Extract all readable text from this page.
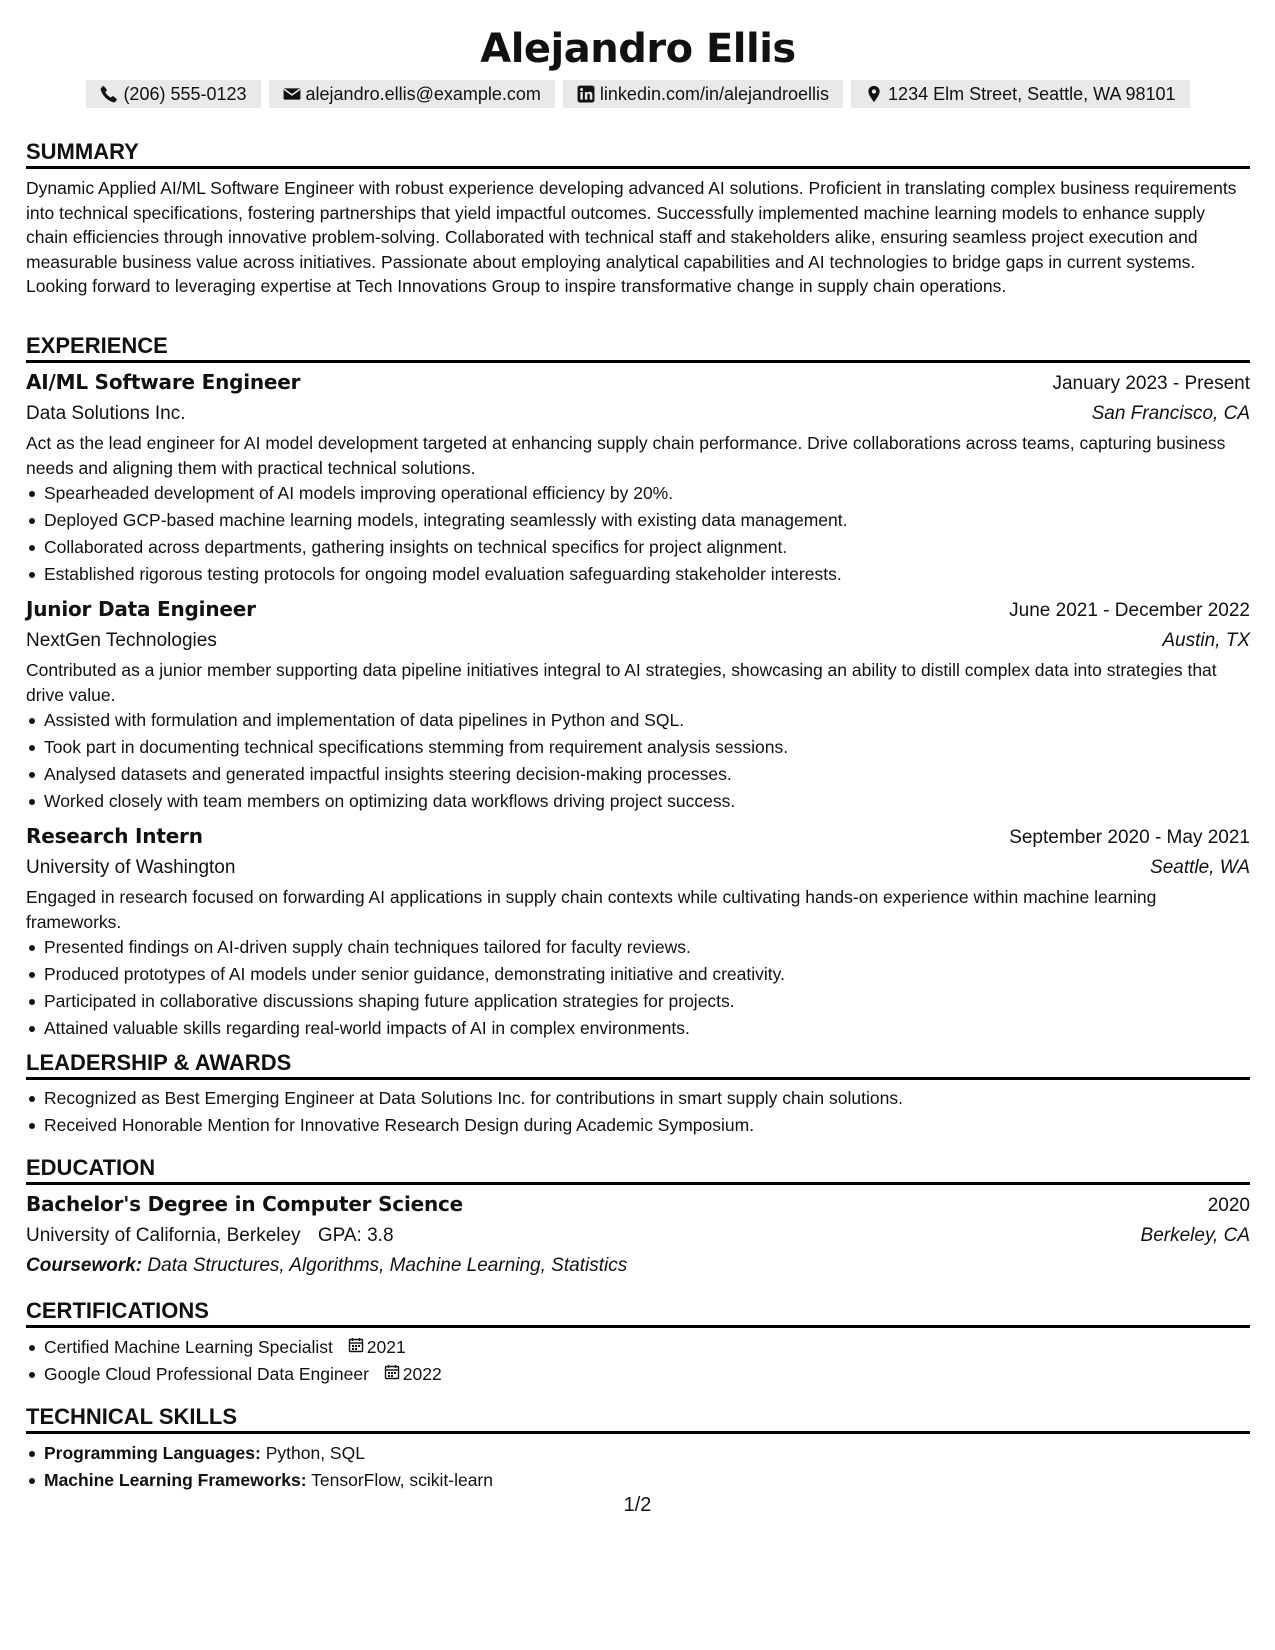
Alejandro Ellis
(206) 555-0123	alejandro.ellis@example.com	linkedin.com/in/alejandroellis	1234 Elm Street, Seattle, WA 98101
SUMMARY

Dynamic Applied AI/ML Software Engineer with robust experience developing advanced AI solutions. Proficient in translating complex business requirements into technical specifications, fostering partnerships that yield impactful outcomes. Successfully implemented machine learning models to enhance supply chain efficiencies through innovative problem-solving. Collaborated with technical staff and stakeholders alike, ensuring seamless project execution and measurable business value across initiatives. Passionate about employing analytical capabilities and AI technologies to bridge gaps in current systems. Looking forward to leveraging expertise at Tech Innovations Group to inspire transformative change in supply chain operations.

EXPERIENCE
AI/ML Software Engineer	January 2023 - Present
Data Solutions Inc.	San Francisco, CA

Act as the lead engineer for AI model development targeted at enhancing supply chain performance. Drive collaborations across teams, capturing business needs and aligning them with practical technical solutions.

Spearheaded development of AI models improving operational efficiency by 20%.
Deployed GCP-based machine learning models, integrating seamlessly with existing data management.
Collaborated across departments, gathering insights on technical specifics for project alignment.
Established rigorous testing protocols for ongoing model evaluation safeguarding stakeholder interests.
Junior Data Engineer	June 2021 - December 2022
NextGen Technologies	Austin, TX

Contributed as a junior member supporting data pipeline initiatives integral to AI strategies, showcasing an ability to distill complex data into strategies that drive value.

Assisted with formulation and implementation of data pipelines in Python and SQL.
Took part in documenting technical specifications stemming from requirement analysis sessions.
Analysed datasets and generated impactful insights steering decision-making processes.
Worked closely with team members on optimizing data workflows driving project success.
Research Intern	September 2020 - May 2021
University of Washington	Seattle, WA

Engaged in research focused on forwarding AI applications in supply chain contexts while cultivating hands-on experience within machine learning frameworks.

Presented findings on AI-driven supply chain techniques tailored for faculty reviews.
Produced prototypes of AI models under senior guidance, demonstrating initiative and creativity.
Participated in collaborative discussions shaping future application strategies for projects.
Attained valuable skills regarding real-world impacts of AI in complex environments.
LEADERSHIP & AWARDS
Recognized as Best Emerging Engineer at Data Solutions Inc. for contributions in smart supply chain solutions.
Received Honorable Mention for Innovative Research Design during Academic Symposium.
EDUCATION
Bachelor's Degree in Computer Science	2020
University of California, Berkeley GPA: 3.8	Berkeley, CA
Coursework: Data Structures, Algorithms, Machine Learning, Statistics
CERTIFICATIONS
Certified Machine Learning Specialist 2021
Google Cloud Professional Data Engineer 2022
TECHNICAL SKILLS
Programming Languages: Python, SQL
Machine Learning Frameworks: TensorFlow, scikit-learn
1/2
